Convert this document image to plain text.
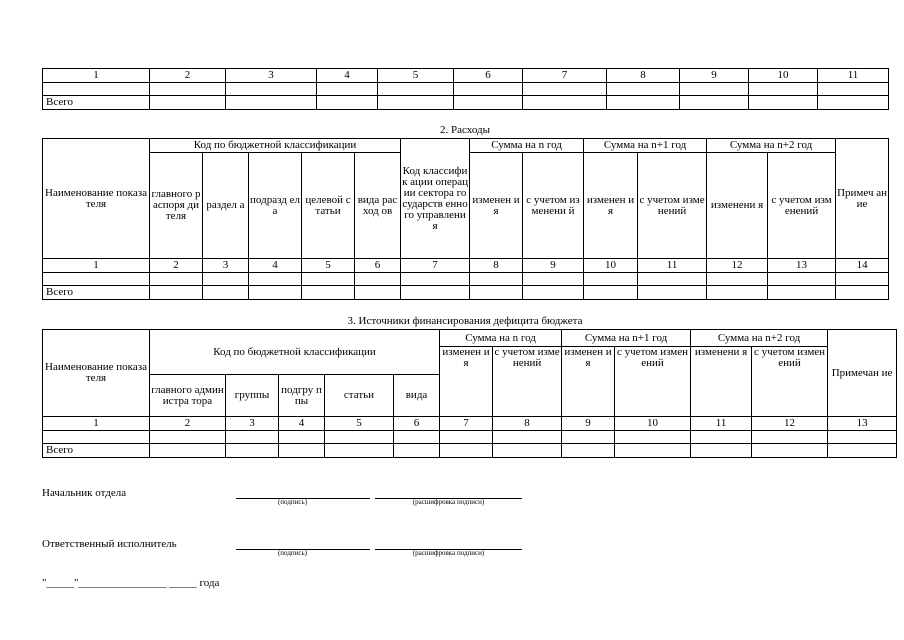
1	2	3	4	5	6	7	8	9	10	11

Всего										
2. Расходы
Наименование показателя	Код по бюджетной классификации					Код классифик ации операции сектора государств енного управлени я	Сумма на n год		Сумма на n+1 год		Сумма на n+2 год		Примеч ание
	главного распоря дителя	раздел а	подразд ела	целевой статьи	вида расход ов		изменен ия	с учетом изменени й	изменен ия	с учетом изменений	изменени я	с учетом изменений	
1	2	3	4	5	6	7	8	9	10	11	12	13	14

Всего													
3. Источники финансирования дефицита бюджета
Наименование показателя	Код по бюджетной классификации					Сумма на n год		Сумма на n+1 год		Сумма на n+2 год		Примечан ие
						изменен ия	с учетом изменений	изменен ия	с учетом изменений	изменени я	с учетом изменений	
	главного администра тора	группы	подгру ппы	статьи	вида							
1	2	3	4	5	6	7	8	9	10	11	12	13

Всего												
Начальник отдела
(подпись)	(расшифровка подписи)
Ответственный исполнитель
(подпись)	(расшифровка подписи)
"_____"________________ _____ года
